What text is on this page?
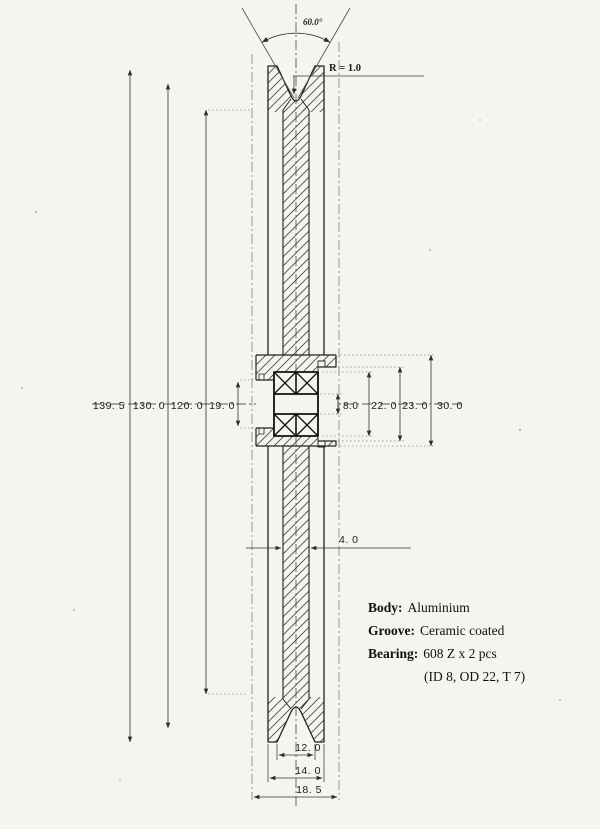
60.0°
R = 1.0
139. 5 130. 0 120. 0 19. 0	8.0 22. 0 23. 0 30. 0
4. 0
12. 0
14. 0
18. 5
Body: Aluminium
Groove: Ceramic coated
Bearing: 608 Z x 2 pcs
(ID 8, OD 22, T 7)
